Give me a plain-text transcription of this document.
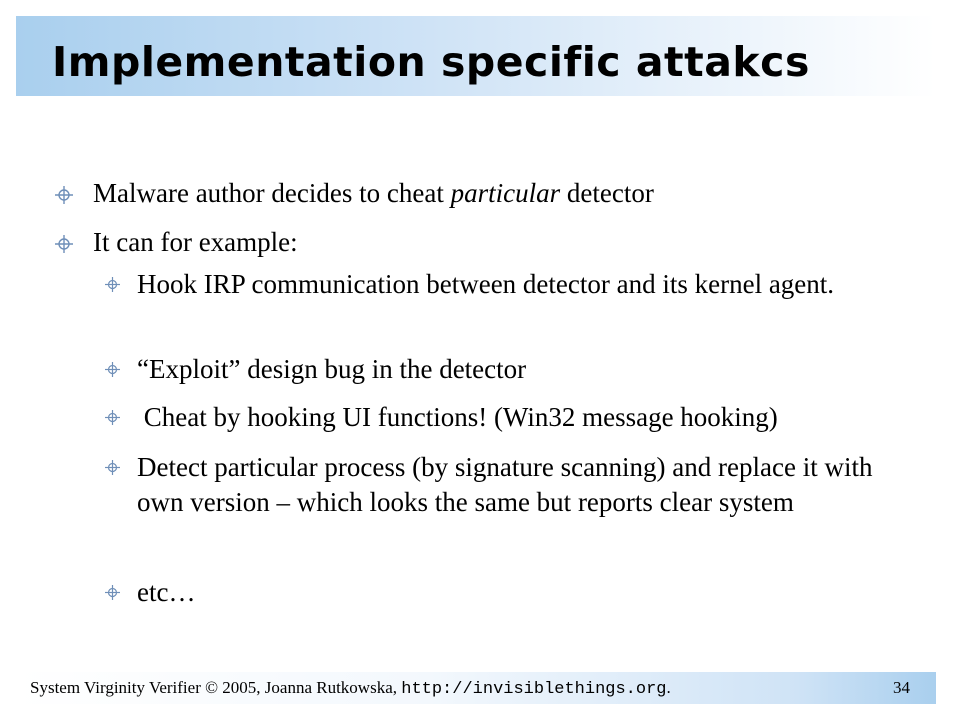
Implementation specific attakcs
Malware author decides to cheat particular detector
It can for example:
Hook IRP communication between detector and its kernel agent.
“Exploit” design bug in the detector
Cheat by hooking UI functions! (Win32 message hooking)
Detect particular process (by signature scanning) and replace it with own version – which looks the same but reports clear system
etc…
System Virginity Verifier © 2005, Joanna Rutkowska, http://invisiblethings.org.	34
